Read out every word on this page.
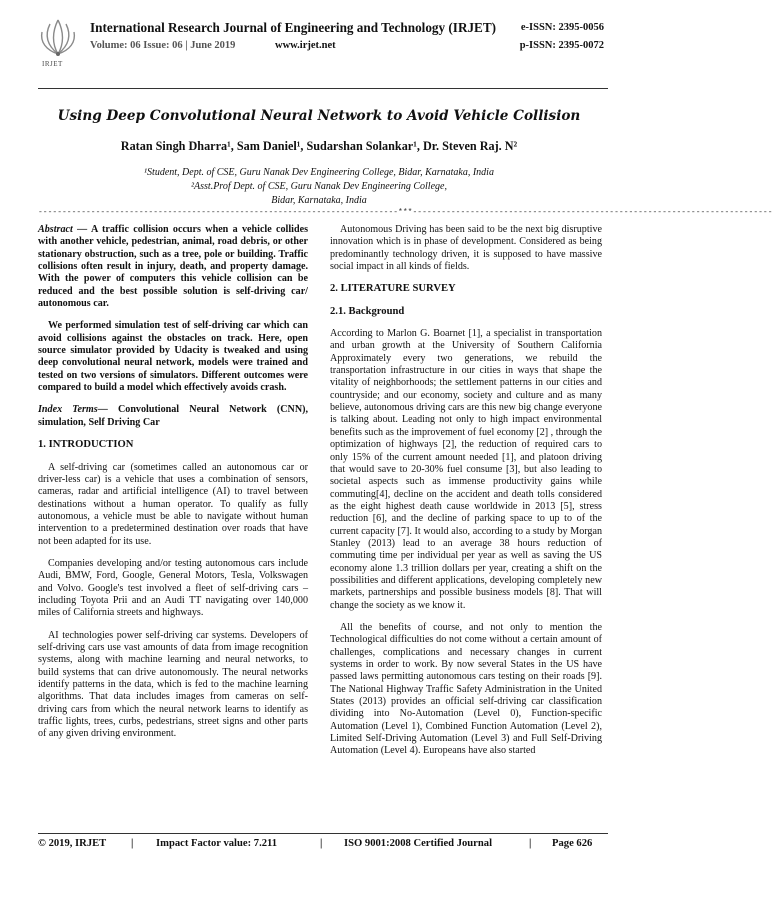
IRJET
International Research Journal of Engineering and Technology (IRJET) e-ISSN: 2395-0056
Volume: 06 Issue: 06 | June 2019	www.irjet.net	p-ISSN: 2395-0072
Using Deep Convolutional Neural Network to Avoid Vehicle Collision
Ratan Singh Dharra¹, Sam Daniel¹, Sudarshan Solankar¹, Dr. Steven Raj. N²
¹Student, Dept. of CSE, Guru Nanak Dev Engineering College, Bidar, Karnataka, India
²Asst.Prof Dept. of CSE, Guru Nanak Dev Engineering College,
Bidar, Karnataka, India
---------------------------------------------------------------------------***---------------------------------------------------------------------------

Abstract — A traffic collision occurs when a vehicle collides with another vehicle, pedestrian, animal, road debris, or other stationary obstruction, such as a tree, pole or building. Traffic collisions often result in injury, death, and property damage. With the power of computers this vehicle collision can be reduced and the best possible solution is self-driving car/ autonomous car.

We performed simulation test of self-driving car which can avoid collisions against the obstacles on track. Here, open source simulator provided by Udacity is tweaked and using deep convolutional neural network, models were trained and tested on two versions of simulators. Different outcomes were compared to build a model which effectively avoids crash.

Index Terms— Convolutional Neural Network (CNN), simulation, Self Driving Car

1. INTRODUCTION

A self-driving car (sometimes called an autonomous car or driver-less car) is a vehicle that uses a combination of sensors, cameras, radar and artificial intelligence (AI) to travel between destinations without a human operator. To qualify as fully autonomous, a vehicle must be able to navigate without human intervention to a predetermined destination over roads that have not been adapted for its use.

Companies developing and/or testing autonomous cars include Audi, BMW, Ford, Google, General Motors, Tesla, Volkswagen and Volvo. Google's test involved a fleet of self-driving cars – including Toyota Prii and an Audi TT navigating over 140,000 miles of California streets and highways.

AI technologies power self-driving car systems. Developers of self-driving cars use vast amounts of data from image recognition systems, along with machine learning and neural networks, to build systems that can drive autonomously. The neural networks identify patterns in the data, which is fed to the machine learning algorithms. That data includes images from cameras on self-driving cars from which the neural network learns to identify as traffic lights, trees, curbs, pedestrians, street signs and other parts of any given driving environment.

Autonomous Driving has been said to be the next big disruptive innovation which is in phase of development. Considered as being predominantly technology driven, it is supposed to have massive social impact in all kinds of fields.

2. LITERATURE SURVEY
2.1. Background

According to Marlon G. Boarnet [1], a specialist in transportation and urban growth at the University of Southern California Approximately every two generations, we rebuild the transportation infrastructure in our cities in ways that shape the vitality of neighborhoods; the settlement patterns in our cities and countryside; and our economy, society and culture and as many believe, autonomous driving cars are this new big change everyone is talking about. Leading not only to high impact environmental benefits such as the improvement of fuel economy [2] , through the optimization of highways [2], the reduction of required cars to only 15% of the current amount needed [1], and platoon driving that would save to 20-30% fuel consume [3], but also leading to societal aspects such as immense productivity gains while commuting[4], decline on the accident and death tolls considered as the eight highest death cause worldwide in 2013 [5], stress reduction [6], and the decline of parking space to up to of the current capacity [7]. It would also, according to a study by Morgan Stanley (2013) lead to an average 38 hours reduction of commuting time per individual per year as well as saving the US economy alone 1.3 trillion dollars per year, creating a shift on the possibilities and different applications, developing completely new markets, partnerships and possible business models [8]. That will change the society as we know it.

All the benefits of course, and not only to mention the Technological difficulties do not come without a certain amount of challenges, complications and necessary changes in current systems in order to work. By now several States in the US have passed laws permitting autonomous cars testing on their roads [9]. The National Highway Traffic Safety Administration in the United States (2013) provides an official self-driving car classification dividing into No-Automation (Level 0), Function-specific Automation (Level 1), Combined Function Automation (Level 2), Limited Self-Driving Automation (Level 3) and Full Self-Driving Automation (Level 4). Europeans have also started

© 2019, IRJET | Impact Factor value: 7.211	| ISO 9001:2008 Certified Journal	| Page 626
